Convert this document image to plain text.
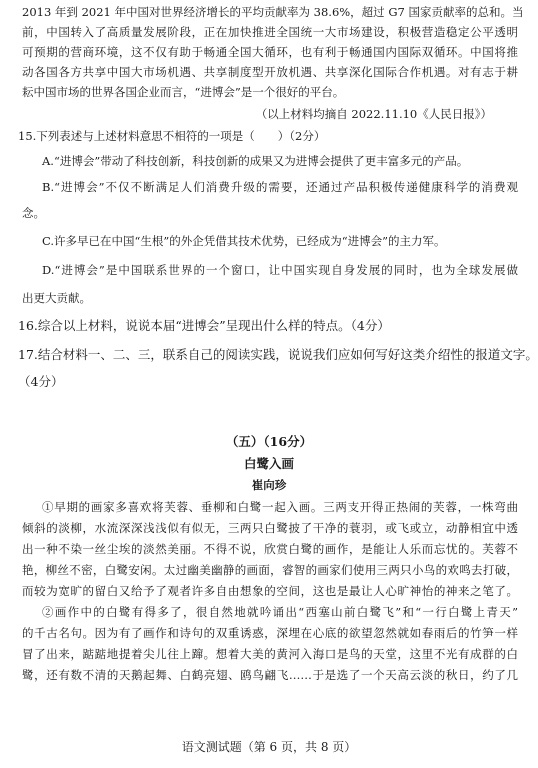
2013 年到 2021 年中国对世界经济增长的平均贡献率为 38.6%，超过 G7 国家贡献率的总和。当
前，中国转入了高质量发展阶段，正在加快推进全国统一大市场建设，积极营造稳定公平透明
可预期的营商环境，这不仅有助于畅通全国大循环，也有利于畅通国内国际双循环。中国将推
动各国各方共享中国大市场机遇、共享制度型开放机遇、共享深化国际合作机遇。对有志于耕
耘中国市场的世界各国企业而言，“进博会”是一个很好的平台。
（以上材料均摘自 2022.11.10《人民日报》）
15.下列表述与上述材料意思不相符的一项是（　　）（2分）
A.“进博会”带动了科技创新，科技创新的成果又为进博会提供了更丰富多元的产品。
B.“进博会”不仅不断满足人们消费升级的需要，还通过产品积极传递健康科学的消费观
念。
C.许多早已在中国“生根”的外企凭借其技术优势，已经成为“进博会”的主力军。
D.“进博会”是中国联系世界的一个窗口，让中国实现自身发展的同时，也为全球发展做
出更大贡献。
16.综合以上材料，说说本届“进博会”呈现出什么样的特点。（4分）
17.结合材料一、二、三，联系自己的阅读实践，说说我们应如何写好这类介绍性的报道文字。
（4分）
（五）（16分）
白鹭入画
崔向珍
①早期的画家多喜欢将芙蓉、垂柳和白鹭一起入画。三两支开得正热闹的芙蓉，一株弯曲
倾斜的淡柳，水流深深浅浅似有似无，三两只白鹭披了干净的蓑羽，或飞或立，动静相宜中透
出一种不染一丝尘埃的淡然美丽。不得不说，欣赏白鹭的画作，是能让人乐而忘忧的。芙蓉不
艳，柳丝不密，白鹭安闲。太过幽美幽静的画面，睿智的画家们使用三两只小鸟的欢鸣去打破，
而较为宽旷的留白又给予了观者许多自由想象的空间，这也是最让人心旷神怡的神来之笔了。
②画作中的白鹭有得多了，很自然地就吟诵出“西塞山前白鹭飞”和“一行白鹭上青天”
的千古名句。因为有了画作和诗句的双重诱惑，深埋在心底的欲望忽然就如春雨后的竹笋一样
冒了出来，踮踮地提着尖儿往上蹿。想着大美的黄河入海口是鸟的天堂，这里不光有成群的白
鹭，还有数不清的天鹅起舞、白鹤亮翅、鸥鸟翩飞……于是选了一个天高云淡的秋日，约了几
语文测试题（第 6 页，共 8 页）
